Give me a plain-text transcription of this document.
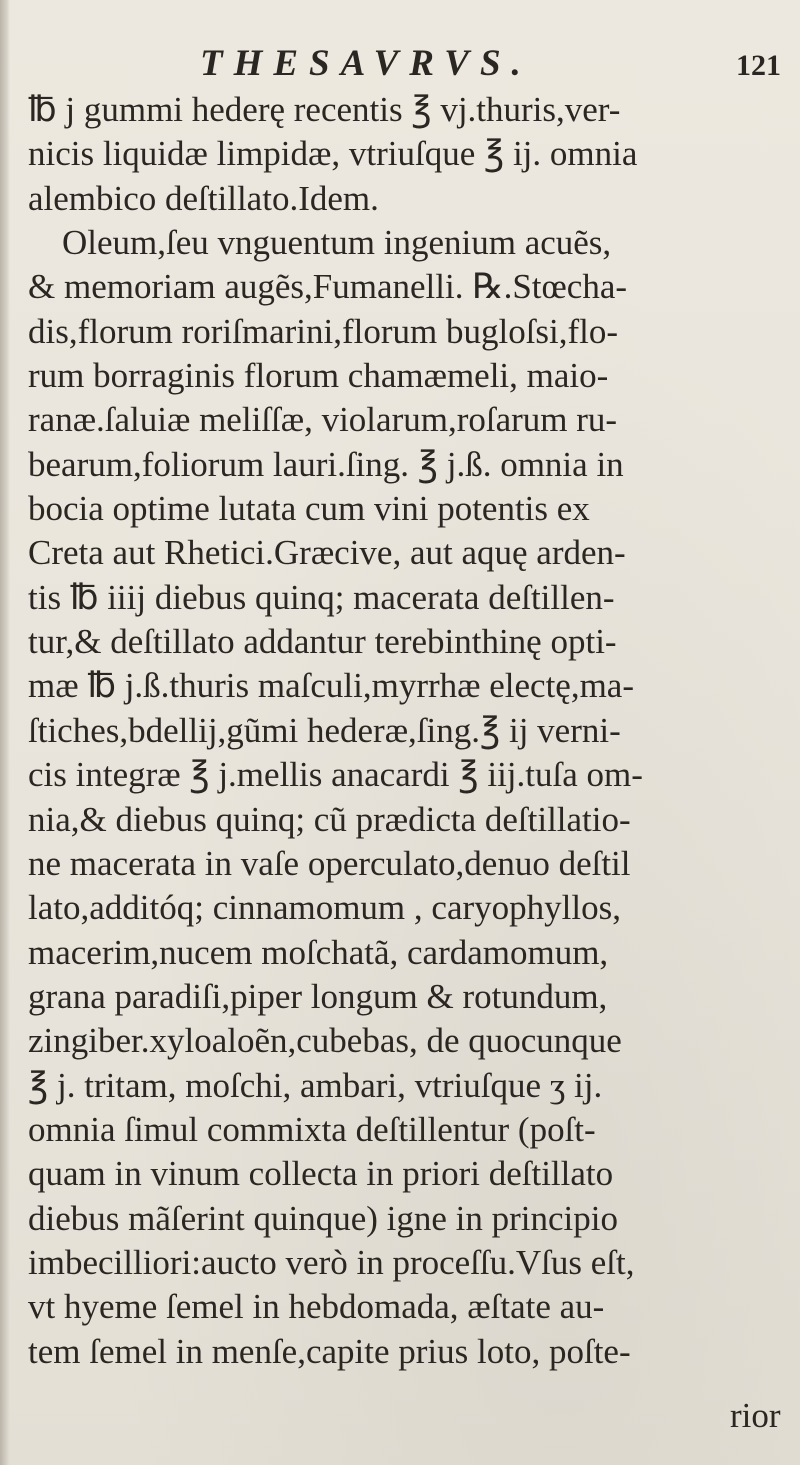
THESAVRVS.	121
℔ j gummi hederę recentis ℥ vj.thuris,ver-
nicis liquidæ limpidæ, vtriuſque ℥ ij. omnia
alembico deſtillato.Idem.
Oleum,ſeu vnguentum ingenium acuẽs,
& memoriam augẽs,Fumanelli. ℞.Stœcha-
dis,florum roriſmarini,florum bugloſsi,flo-
rum borraginis florum chamæmeli, maio-
ranæ.ſaluiæ meliſſæ, violarum,roſarum ru-
bearum,foliorum lauri.ſing. ℥ j.ß. omnia in
bocia optime lutata cum vini potentis ex
Creta aut Rhetici.Græcive, aut aquę arden-
tis ℔ iiij diebus quinq; macerata deſtillen-
tur,& deſtillato addantur terebinthinę opti-
mæ ℔ j.ß.thuris maſculi,myrrhæ electę,ma-
ſtiches,bdellij,gũmi hederæ,ſing.℥ ij verni-
cis integræ ℥ j.mellis anacardi ℥ iij.tuſa om-
nia,& diebus quinq; cũ prædicta deſtillatio-
ne macerata in vaſe operculato,denuo deſtil
lato,additóq; cinnamomum , caryophyllos,
macerim,nucem moſchatã, cardamomum,
grana paradiſi,piper longum & rotundum,
zingiber.xyloaloẽn,cubebas, de quocunque
℥ j. tritam, moſchi, ambari, vtriuſque ʒ ij.
omnia ſimul commixta deſtillentur (poſt-
quam in vinum collecta in priori deſtillato
diebus mãſerint quinque) igne in principio
imbecilliori:aucto verò in proceſſu.Vſus eſt,
vt hyeme ſemel in hebdomada, æſtate au-
tem ſemel in menſe,capite prius loto, poſte-
rior
